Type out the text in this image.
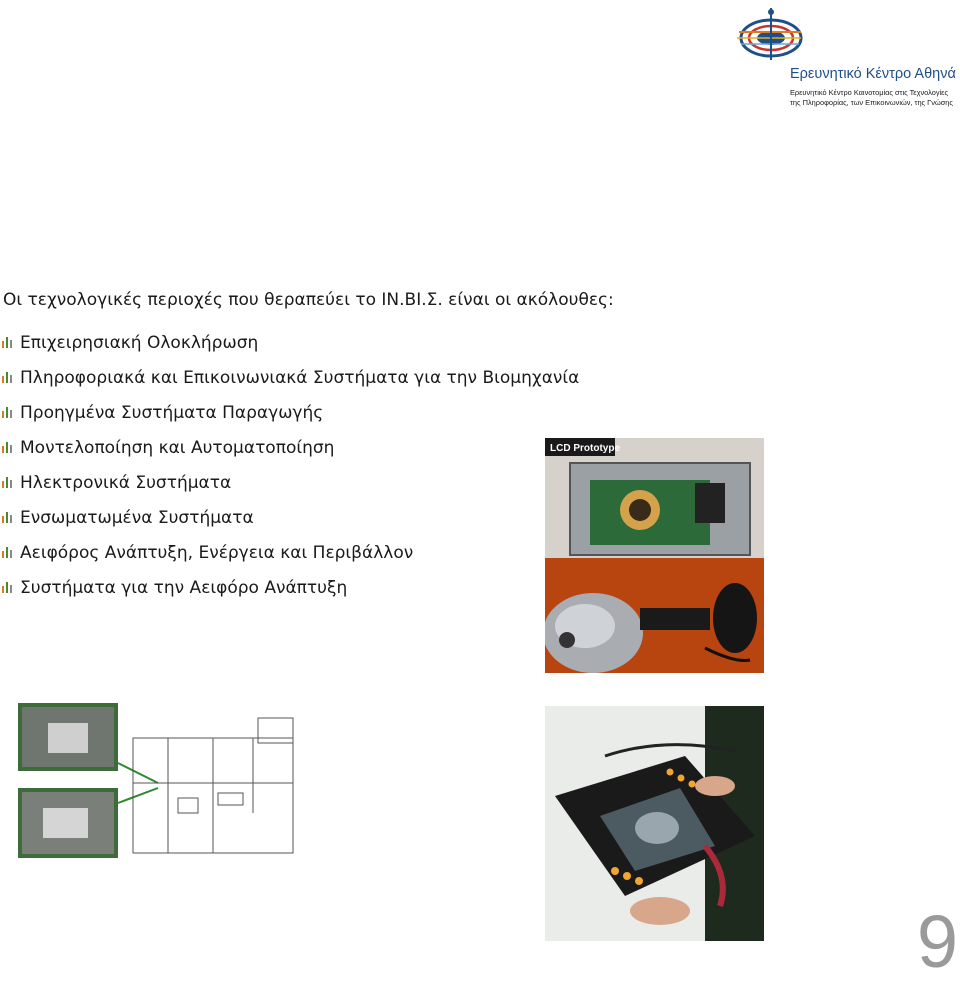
Ερευνητικό Κέντρο Αθηνά
Ερευνητικό Κέντρο Καινοτομίας στις Τεχνολογίες
της Πληροφορίας, των Επικοινωνιών, της Γνώσης
Οι τεχνολογικές περιοχές που θεραπεύει το ΙΝ.ΒΙ.Σ. είναι οι ακόλουθες:
Επιχειρησιακή Ολοκλήρωση
Πληροφοριακά και Επικοινωνιακά Συστήματα για την Βιομηχανία
Προηγμένα Συστήματα Παραγωγής
Μοντελοποίηση και Αυτοματοποίηση
Ηλεκτρονικά Συστήματα
Ενσωματωμένα Συστήματα
Αειφόρος Ανάπτυξη, Ενέργεια και Περιβάλλον
Συστήματα για την Αειφόρο Ανάπτυξη
LCD Prototype
9
